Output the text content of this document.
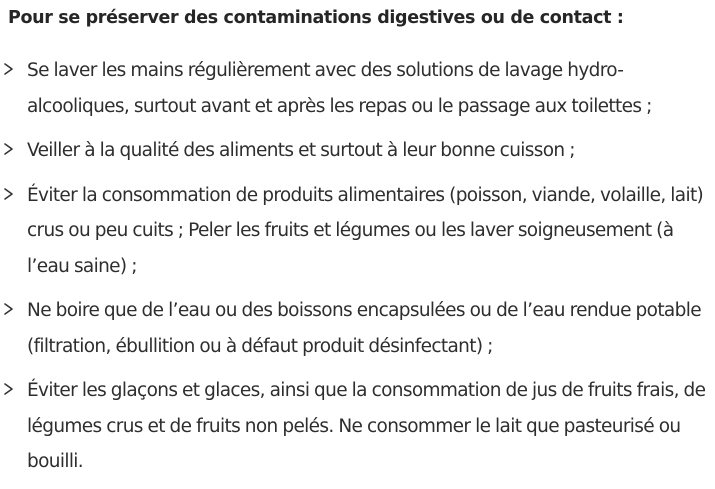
Pour se préserver des contaminations digestives ou de contact :
Se laver les mains régulièrement avec des solutions de lavage hydro-alcooliques, surtout avant et après les repas ou le passage aux toilettes ;
Veiller à la qualité des aliments et surtout à leur bonne cuisson ;
Éviter la consommation de produits alimentaires (poisson, viande, volaille, lait) crus ou peu cuits ; Peler les fruits et légumes ou les laver soigneusement (à l’eau saine) ;
Ne boire que de l’eau ou des boissons encapsulées ou de l’eau rendue potable (filtration, ébullition ou à défaut produit désinfectant) ;
Éviter les glaçons et glaces, ainsi que la consommation de jus de fruits frais, de légumes crus et de fruits non pelés. Ne consommer le lait que pasteurisé ou bouilli.
